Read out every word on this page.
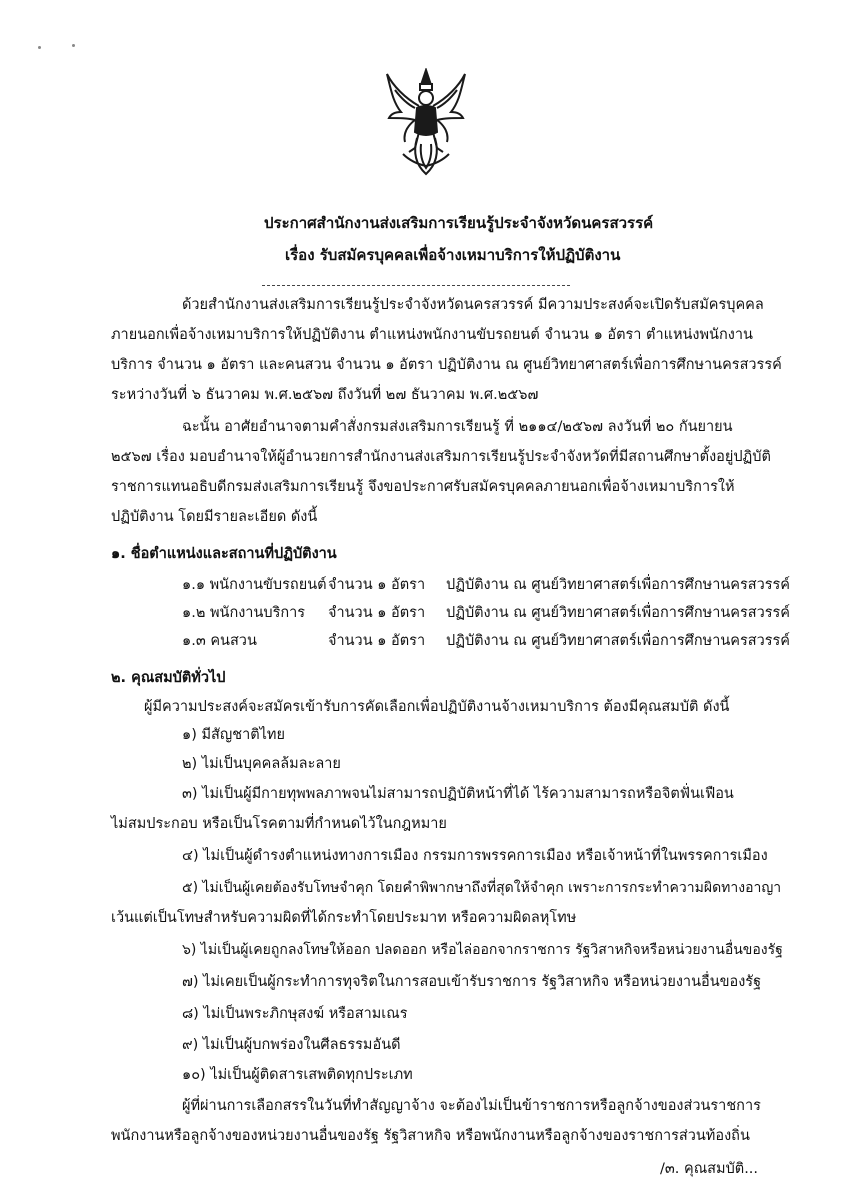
ประกาศสำนักงานส่งเสริมการเรียนรู้ประจำจังหวัดนครสวรรค์
เรื่อง รับสมัครบุคคลเพื่อจ้างเหมาบริการให้ปฏิบัติงาน
ด้วยสำนักงานส่งเสริมการเรียนรู้ประจำจังหวัดนครสวรรค์ มีความประสงค์จะเปิดรับสมัครบุคคล
ภายนอกเพื่อจ้างเหมาบริการให้ปฏิบัติงาน ตำแหน่งพนักงานขับรถยนต์ จำนวน ๑ อัตรา ตำแหน่งพนักงาน
บริการ จำนวน ๑ อัตรา และคนสวน จำนวน ๑ อัตรา ปฏิบัติงาน ณ ศูนย์วิทยาศาสตร์เพื่อการศึกษานครสวรรค์
ระหว่างวันที่ ๖ ธันวาคม พ.ศ.๒๕๖๗ ถึงวันที่ ๒๗ ธันวาคม พ.ศ.๒๕๖๗
ฉะนั้น อาศัยอำนาจตามคำสั่งกรมส่งเสริมการเรียนรู้ ที่ ๒๑๑๔/๒๕๖๗ ลงวันที่ ๒๐ กันยายน
๒๕๖๗ เรื่อง มอบอำนาจให้ผู้อำนวยการสำนักงานส่งเสริมการเรียนรู้ประจำจังหวัดที่มีสถานศึกษาตั้งอยู่ปฏิบัติ
ราชการแทนอธิบดีกรมส่งเสริมการเรียนรู้ จึงขอประกาศรับสมัครบุคคลภายนอกเพื่อจ้างเหมาบริการให้
ปฏิบัติงาน โดยมีรายละเอียด ดังนี้
๑. ชื่อตำแหน่งและสถานที่ปฏิบัติงาน
๑.๑ พนักงานขับรถยนต์ จำนวน ๑ อัตรา ปฏิบัติงาน ณ ศูนย์วิทยาศาสตร์เพื่อการศึกษานครสวรรค์
๑.๒ พนักงานบริการ จำนวน ๑ อัตรา ปฏิบัติงาน ณ ศูนย์วิทยาศาสตร์เพื่อการศึกษานครสวรรค์
๑.๓ คนสวน	จำนวน ๑ อัตรา ปฏิบัติงาน ณ ศูนย์วิทยาศาสตร์เพื่อการศึกษานครสวรรค์
๒. คุณสมบัติทั่วไป
ผู้มีความประสงค์จะสมัครเข้ารับการคัดเลือกเพื่อปฏิบัติงานจ้างเหมาบริการ ต้องมีคุณสมบัติ ดังนี้
๑) มีสัญชาติไทย
๒) ไม่เป็นบุคคลล้มละลาย
๓) ไม่เป็นผู้มีกายทุพพลภาพจนไม่สามารถปฏิบัติหน้าที่ได้ ไร้ความสามารถหรือจิตฟั่นเฟือน
ไม่สมประกอบ หรือเป็นโรคตามที่กำหนดไว้ในกฎหมาย
๔) ไม่เป็นผู้ดำรงตำแหน่งทางการเมือง กรรมการพรรคการเมือง หรือเจ้าหน้าที่ในพรรคการเมือง
๕) ไม่เป็นผู้เคยต้องรับโทษจำคุก โดยคำพิพากษาถึงที่สุดให้จำคุก เพราะการกระทำความผิดทางอาญา
เว้นแต่เป็นโทษสำหรับความผิดที่ได้กระทำโดยประมาท หรือความผิดลหุโทษ
๖) ไม่เป็นผู้เคยถูกลงโทษให้ออก ปลดออก หรือไล่ออกจากราชการ รัฐวิสาหกิจหรือหน่วยงานอื่นของรัฐ
๗) ไม่เคยเป็นผู้กระทำการทุจริตในการสอบเข้ารับราชการ รัฐวิสาหกิจ หรือหน่วยงานอื่นของรัฐ
๘) ไม่เป็นพระภิกษุสงฆ์ หรือสามเณร
๙) ไม่เป็นผู้บกพร่องในศีลธรรมอันดี
๑๐) ไม่เป็นผู้ติดสารเสพติดทุกประเภท
ผู้ที่ผ่านการเลือกสรรในวันที่ทำสัญญาจ้าง จะต้องไม่เป็นข้าราชการหรือลูกจ้างของส่วนราชการ
พนักงานหรือลูกจ้างของหน่วยงานอื่นของรัฐ รัฐวิสาหกิจ หรือพนักงานหรือลูกจ้างของราชการส่วนท้องถิ่น
/๓. คุณสมบัติ...
